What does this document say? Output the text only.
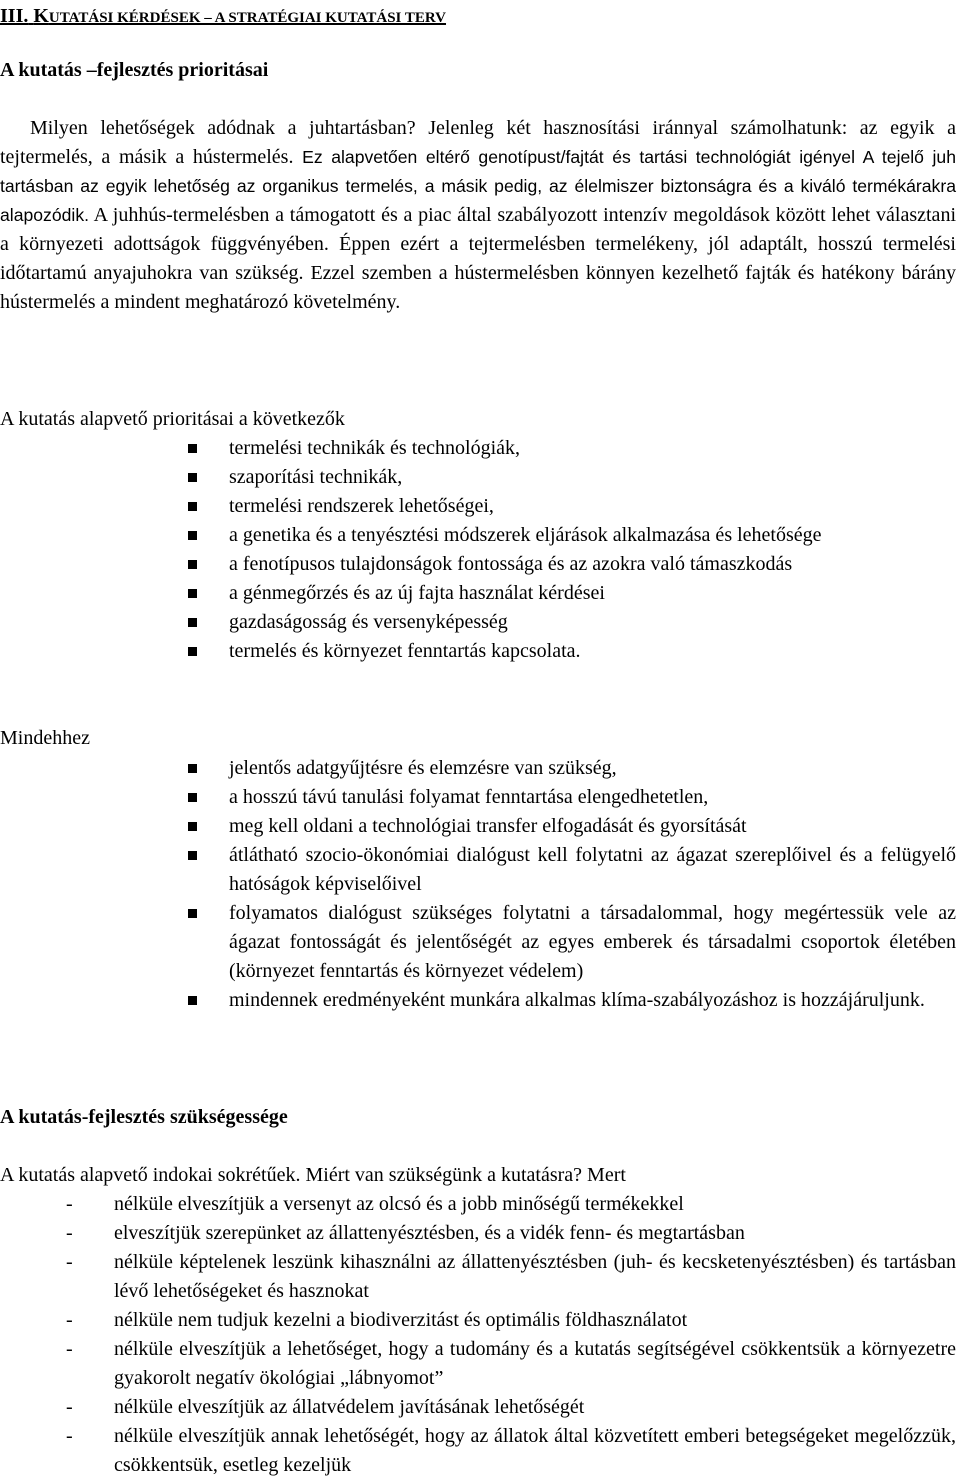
III. KUTATÁSI KÉRDÉSEK – A STRATÉGIAI KUTATÁSI TERV
A kutatás –fejlesztés prioritásai
Milyen lehetőségek adódnak a juhtartásban? Jelenleg két hasznosítási iránnyal számolhatunk: az egyik a tejtermelés, a másik a hústermelés. Ez alapvetően eltérő genotípust/fajtát és tartási technológiát igényel A tejelő juh tartásban az egyik lehetőség az organikus termelés, a másik pedig, az élelmiszer biztonságra és a kiváló termékárakra alapozódik. A juhhús-termelésben a támogatott és a piac által szabályozott intenzív megoldások között lehet választani a környezeti adottságok függvényében. Éppen ezért a tejtermelésben termelékeny, jól adaptált, hosszú termelési időtartamú anyajuhokra van szükség. Ezzel szemben a hústermelésben könnyen kezelhető fajták és hatékony bárány hústermelés a mindent meghatározó követelmény.
A kutatás alapvető prioritásai a következők
termelési technikák és technológiák,
szaporítási technikák,
termelési rendszerek lehetőségei,
a genetika és a tenyésztési módszerek eljárások alkalmazása és lehetősége
a fenotípusos tulajdonságok fontossága és az azokra való támaszkodás
a génmegőrzés és az új fajta használat kérdései
gazdaságosság és versenyképesség
termelés és környezet fenntartás kapcsolata.
Mindehhez
jelentős adatgyűjtésre és elemzésre van szükség,
a hosszú távú tanulási folyamat fenntartása elengedhetetlen,
meg kell oldani a technológiai transfer elfogadását és gyorsítását
átlátható szocio-ökonómiai dialógust kell folytatni az ágazat szereplőivel és a felügyelő hatóságok képviselőivel
folyamatos dialógust szükséges folytatni a társadalommal, hogy megértessük vele az ágazat fontosságát és jelentőségét az egyes emberek és társadalmi csoportok életében (környezet fenntartás és környezet védelem)
mindennek eredményeként munkára alkalmas klíma-szabályozáshoz is hozzájáruljunk.
A kutatás-fejlesztés szükségessége
A kutatás alapvető indokai sokrétűek. Miért van szükségünk a kutatásra? Mert
- nélküle elveszítjük a versenyt az olcsó és a jobb minőségű termékekkel
- elveszítjük szerepünket az állattenyésztésben, és a vidék fenn- és megtartásban
- nélküle képtelenek leszünk kihasználni az állattenyésztésben (juh- és kecsketenyésztésben) és tartásban lévő lehetőségeket és hasznokat
- nélküle nem tudjuk kezelni a biodiverzitást és optimális földhasználatot
- nélküle elveszítjük a lehetőséget, hogy a tudomány és a kutatás segítségével csökkentsük a környezetre gyakorolt negatív ökológiai „lábnyomot”
- nélküle elveszítjük az állatvédelem javításának lehetőségét
- nélküle elveszítjük annak lehetőségét, hogy az állatok által közvetített emberi betegségeket megelőzzük, csökkentsük, esetleg kezeljük
